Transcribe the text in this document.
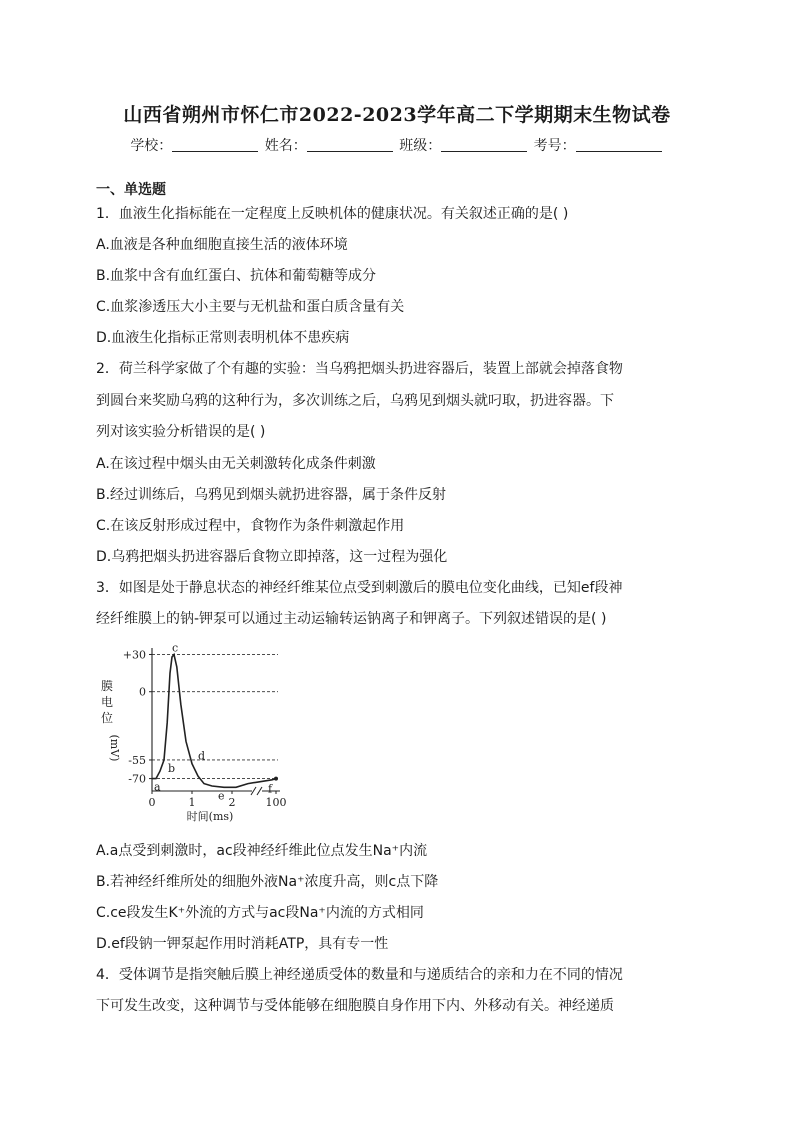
山西省朔州市怀仁市2022-2023学年高二下学期期末生物试卷
学校：	姓名：	班级：	考号：
一、单选题
1．血液生化指标能在一定程度上反映机体的健康状况。有关叙述正确的是( )
A.血液是各种血细胞直接生活的液体环境
B.血浆中含有血红蛋白、抗体和葡萄糖等成分
C.血浆渗透压大小主要与无机盐和蛋白质含量有关
D.血液生化指标正常则表明机体不患疾病
2．荷兰科学家做了个有趣的实验：当乌鸦把烟头扔进容器后，装置上部就会掉落食物
到圆台来奖励乌鸦的这种行为，多次训练之后，乌鸦见到烟头就叼取，扔进容器。下
列对该实验分析错误的是( )
A.在该过程中烟头由无关刺激转化成条件刺激
B.经过训练后，乌鸦见到烟头就扔进容器，属于条件反射
C.在该反射形成过程中，食物作为条件刺激起作用
D.乌鸦把烟头扔进容器后食物立即掉落，这一过程为强化
3．如图是处于静息状态的神经纤维某位点受到刺激后的膜电位变化曲线，已知ef段神
经纤维膜上的钠-钾泵可以通过主动运输转运钠离子和钾离子。下列叙述错误的是( )
+30
0
-55
-70
0	1	2	100
a
b
c
d
e
f
时间(ms)
膜
电
位
(mV)
A.a点受到刺激时，ac段神经纤维此位点发生Na⁺内流
B.若神经纤维所处的细胞外液Na⁺浓度升高，则c点下降
C.ce段发生K⁺外流的方式与ac段Na⁺内流的方式相同
D.ef段钠一钾泵起作用时消耗ATP，具有专一性
4．受体调节是指突触后膜上神经递质受体的数量和与递质结合的亲和力在不同的情况
下可发生改变，这种调节与受体能够在细胞膜自身作用下内、外移动有关。神经递质
